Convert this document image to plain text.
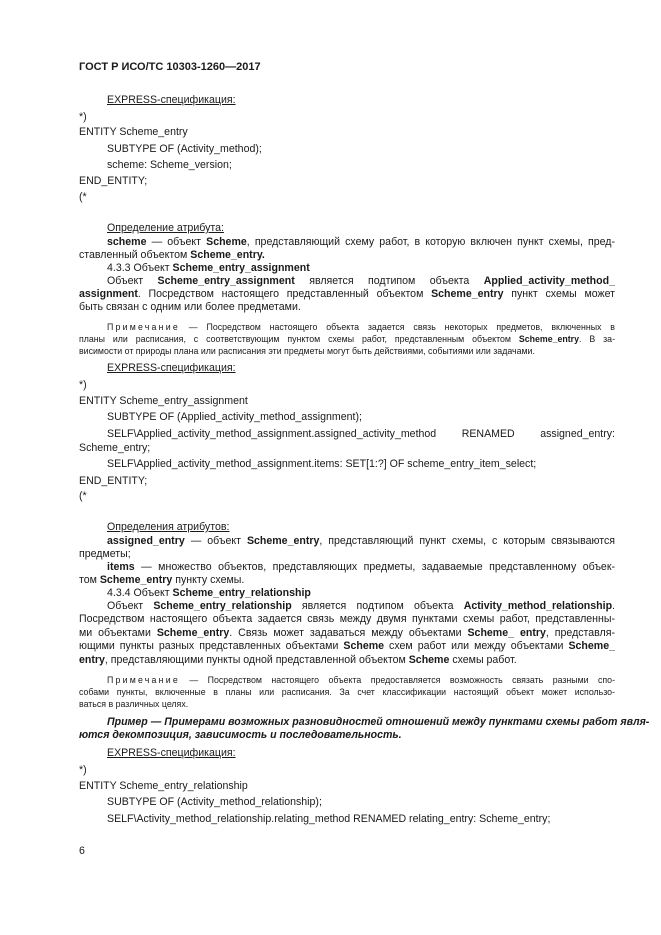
ГОСТ Р ИСО/ТС 10303-1260—2017
EXPRESS-спецификация:
*)
ENTITY Scheme_entry
SUBTYPE OF (Activity_method);
scheme: Scheme_version;
END_ENTITY;
(*
Определение атрибута:
scheme — объект Scheme, представляющий схему работ, в которую включен пункт схемы, пред-
ставленный объектом Scheme_entry.
4.3.3 Объект Scheme_entry_assignment
Объект Scheme_entry_assignment является подтипом объекта Applied_activity_method_
assignment. Посредством настоящего представленный объектом Scheme_entry пункт схемы может
быть связан с одним или более предметами.
Примечание — Посредством настоящего объекта задается связь некоторых предметов, включенных в
планы или расписания, с соответствующим пунктом схемы работ, представленным объектом Scheme_entry. В за-
висимости от природы плана или расписания эти предметы могут быть действиями, событиями или задачами.
EXPRESS-спецификация:
*)
ENTITY Scheme_entry_assignment
SUBTYPE OF (Applied_activity_method_assignment);
SELF\Applied_activity_method_assignment.assigned_activity_method RENAMED assigned_entry:
Scheme_entry;
SELF\Applied_activity_method_assignment.items: SET[1:?] OF scheme_entry_item_select;
END_ENTITY;
(*
Определения атрибутов:
assigned_entry — объект Scheme_entry, представляющий пункт схемы, с которым связываются
предметы;
items — множество объектов, представляющих предметы, задаваемые представленному объек-
том Scheme_entry пункту схемы.
4.3.4 Объект Scheme_entry_relationship
Объект Scheme_entry_relationship является подтипом объекта Activity_method_relationship.
Посредством настоящего объекта задается связь между двумя пунктами схемы работ, представленны-
ми объектами Scheme_entry. Связь может задаваться между объектами Scheme_ entry, представля-
ющими пункты разных представленных объектами Scheme схем работ или между объектами Scheme_
entry, представляющими пункты одной представленной объектом Scheme схемы работ.
Примечание — Посредством настоящего объекта предоставляется возможность связать разными спо-
собами пункты, включенные в планы или расписания. За счет классификации настоящий объект может использо-
ваться в различных целях.
Пример — Примерами возможных разновидностей отношений между пунктами схемы работ явля-
ются декомпозиция, зависимость и последовательность.
EXPRESS-спецификация:
*)
ENTITY Scheme_entry_relationship
SUBTYPE OF (Activity_method_relationship);
SELF\Activity_method_relationship.relating_method RENAMED relating_entry: Scheme_entry;
6
